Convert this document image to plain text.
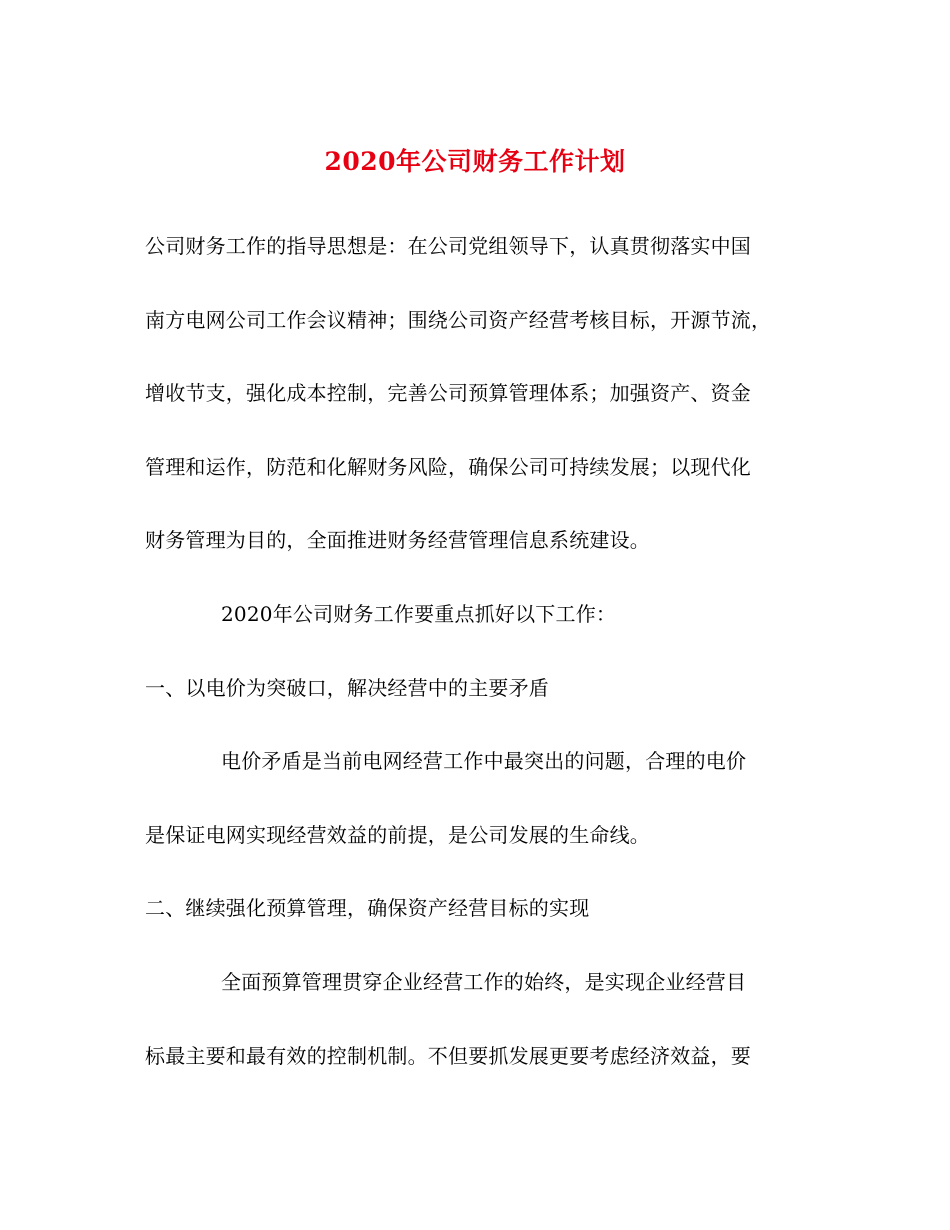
2020年公司财务工作计划
公司财务工作的指导思想是：在公司党组领导下，认真贯彻落实中国
南方电网公司工作会议精神；围绕公司资产经营考核目标，开源节流，
增收节支，强化成本控制，完善公司预算管理体系；加强资产、资金
管理和运作，防范和化解财务风险，确保公司可持续发展；以现代化
财务管理为目的，全面推进财务经营管理信息系统建设。
2020年公司财务工作要重点抓好以下工作：
一、以电价为突破口，解决经营中的主要矛盾
电价矛盾是当前电网经营工作中最突出的问题，合理的电价
是保证电网实现经营效益的前提，是公司发展的生命线。
二、继续强化预算管理，确保资产经营目标的实现
全面预算管理贯穿企业经营工作的始终，是实现企业经营目
标最主要和最有效的控制机制。不但要抓发展更要考虑经济效益，要
